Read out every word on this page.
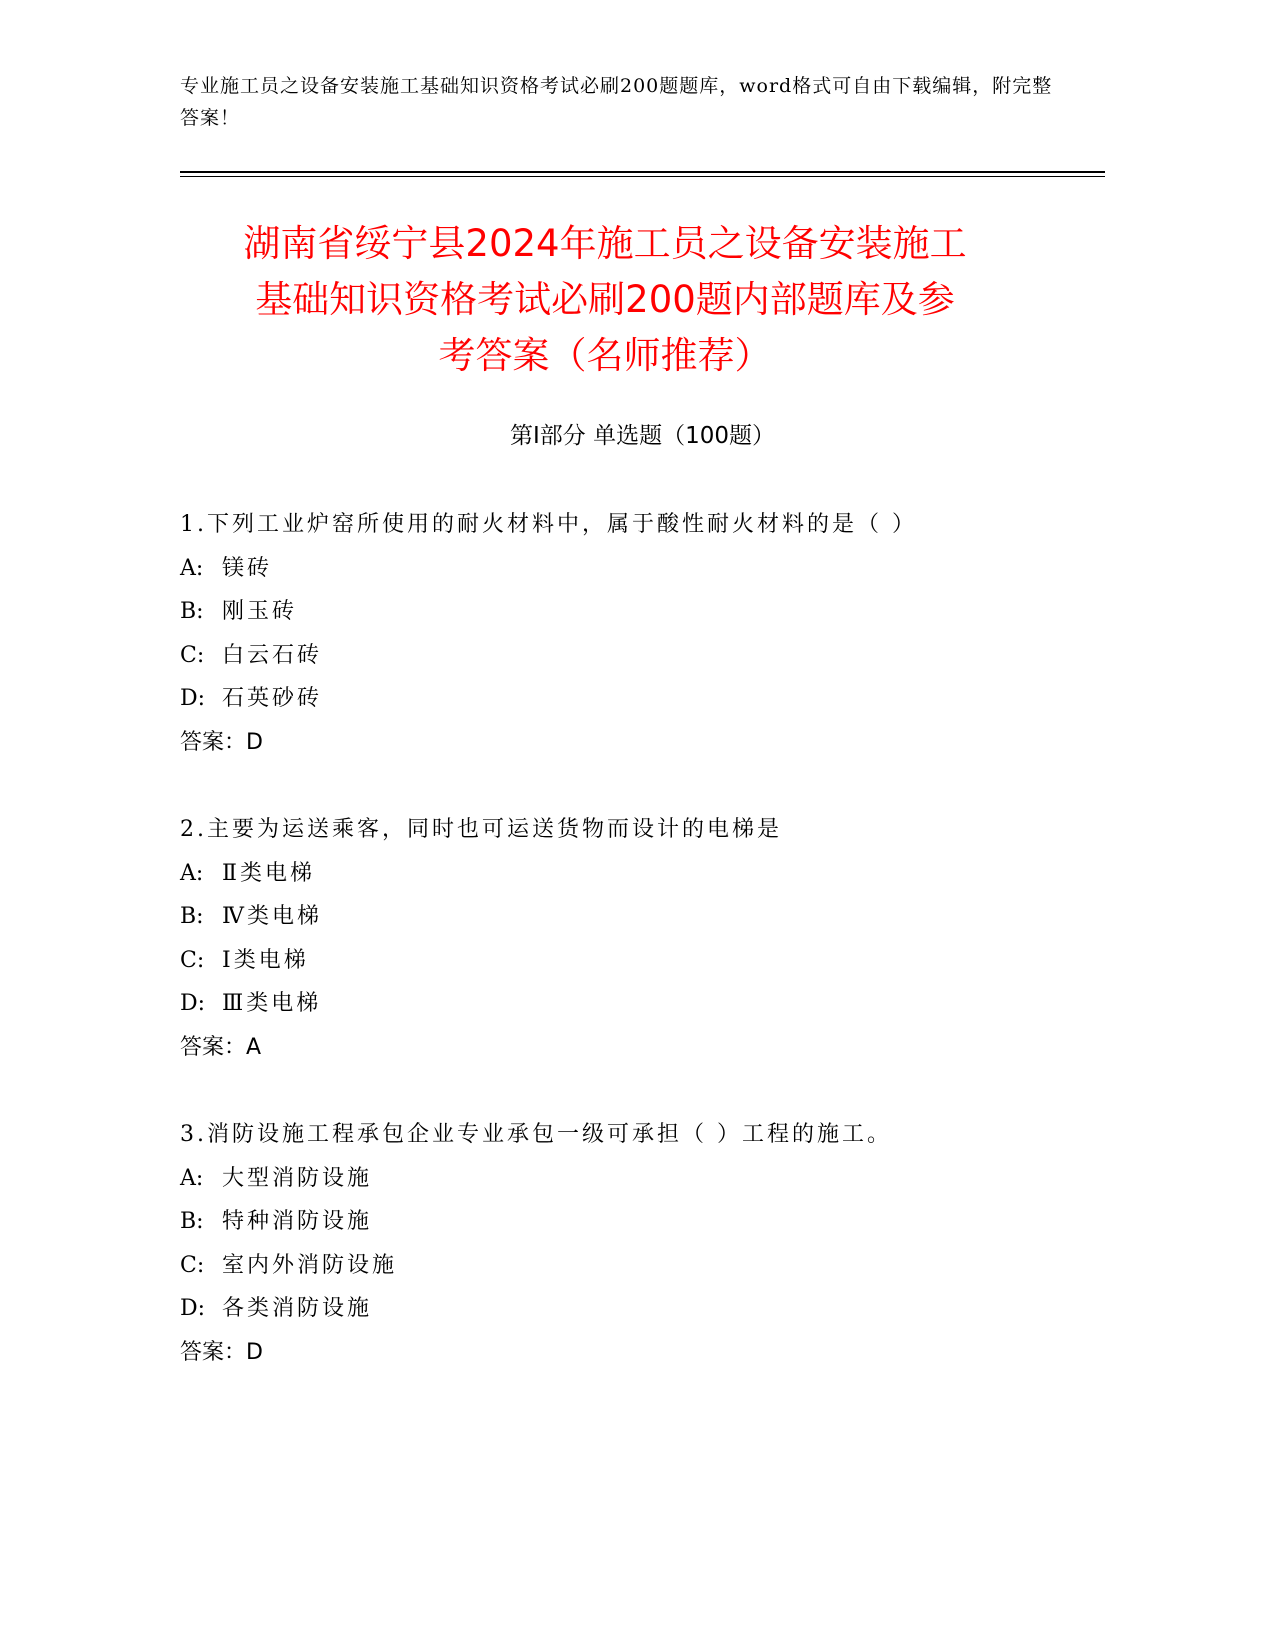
专业施工员之设备安装施工基础知识资格考试必刷200题题库，word格式可自由下载编辑，附完整答案！
湖南省绥宁县2024年施工员之设备安装施工
基础知识资格考试必刷200题内部题库及参
考答案（名师推荐）
第I部分 单选题（100题）
1.下列工业炉窑所使用的耐火材料中，属于酸性耐火材料的是（ ）
A: 镁砖
B: 刚玉砖
C: 白云石砖
D: 石英砂砖
答案：D
2.主要为运送乘客，同时也可运送货物而设计的电梯是
A: Ⅱ类电梯
B: Ⅳ类电梯
C: Ⅰ类电梯
D: Ⅲ类电梯
答案：A
3.消防设施工程承包企业专业承包一级可承担（ ）工程的施工。
A: 大型消防设施
B: 特种消防设施
C: 室内外消防设施
D: 各类消防设施
答案：D
